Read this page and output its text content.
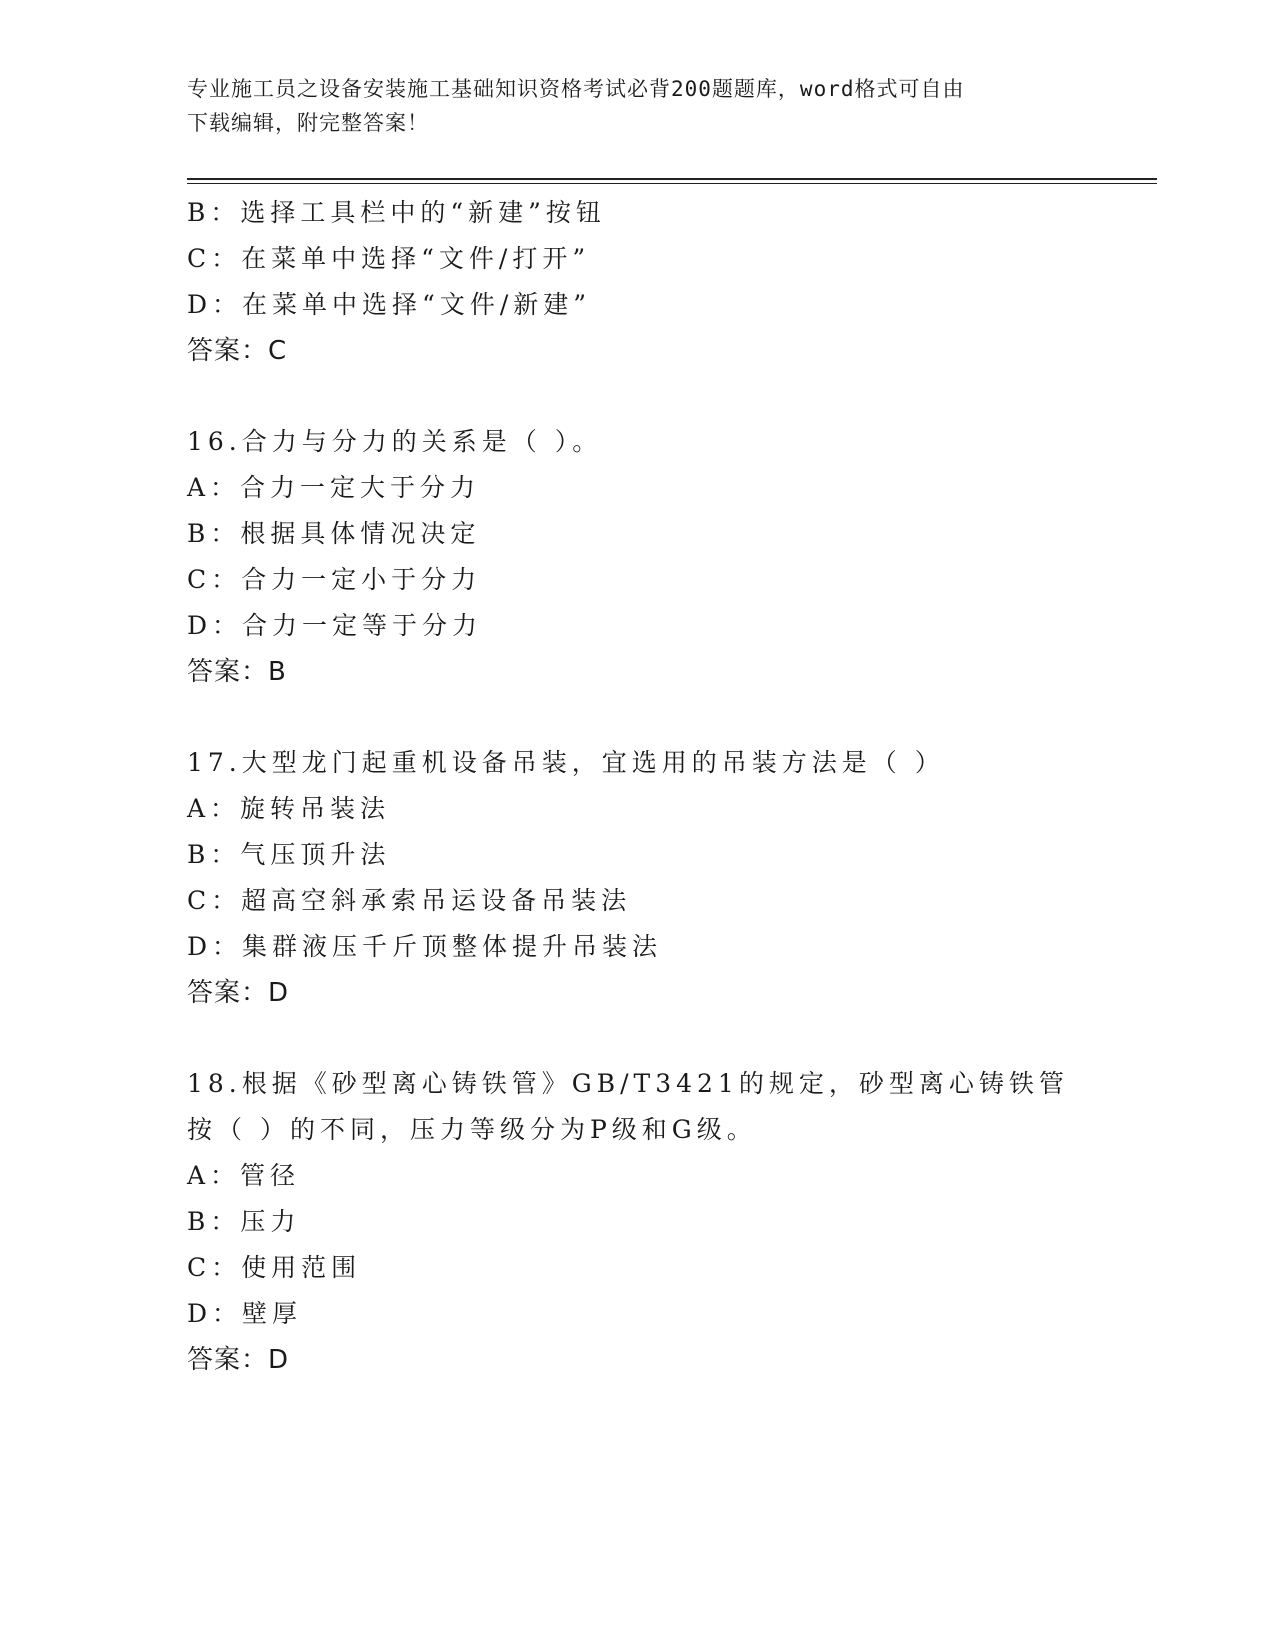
专业施工员之设备安装施工基础知识资格考试必背200题题库，word格式可自由
下载编辑，附完整答案！
B：选择工具栏中的“新建”按钮
C：在菜单中选择“文件/打开”
D：在菜单中选择“文件/新建”
答案：C
16.合力与分力的关系是（ ）。
A：合力一定大于分力
B：根据具体情况决定
C：合力一定小于分力
D：合力一定等于分力
答案：B
17.大型龙门起重机设备吊装，宜选用的吊装方法是（ ）
A：旋转吊装法
B：气压顶升法
C：超高空斜承索吊运设备吊装法
D：集群液压千斤顶整体提升吊装法
答案：D
18.根据《砂型离心铸铁管》GB/T3421的规定，砂型离心铸铁管按（ ）的不同，压力等级分为P级和G级。
A：管径
B：压力
C：使用范围
D：壁厚
答案：D
